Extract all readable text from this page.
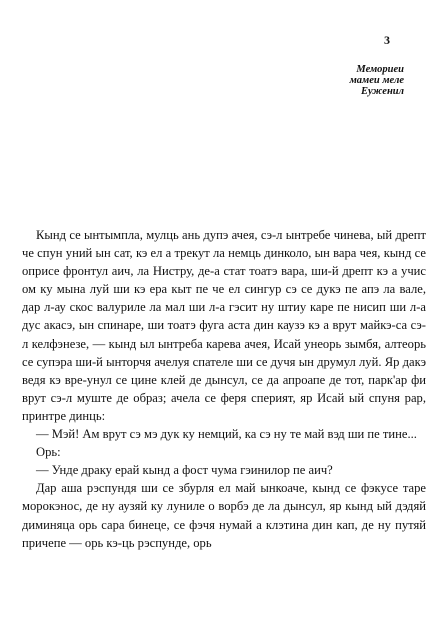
3
Мемориеи
мамеи меле
Eуженил

Кынд се ынтымпла, мулць ань дупэ ачея, сэ-л ынтребе чинева, ый дрепт че спун уний ын сат, кэ ел а трекут ла немць динколо, ын вара чея, кынд се оприсе фронтул аич, ла Нистру, де-а стат тоатэ вара, ши-й дрепт кэ а учис ом ку мына луй ши кэ ера кыт пе че ел сингур сэ се дукэ пе апэ ла вале, дар л-ау скос валуриле ла мал ши л-а гэсит ну штиу каре пе нисип ши л-а дус акасэ, ын спинаре, ши тоатэ фуга аста дин каузэ кэ а врут майкэ-са сэ-л келфэнезе, — кынд ыл ынтреба карева ачея, Исай унеорь зымбя, алтеорь се супэра ши-й ынторчя ачелуя спателе ши се дучя ын друмул луй. Яр дакэ ведя кэ вре-унул се цине клей де дынсул, се да апроапе де тот, парк'ар фи врут сэ-л муште де образ; ачела се феря сперият, яр Исай ый спуня рар, принтре динць:

— Мэй! Ам врут сэ мэ дук ку немций, ка сэ ну те май вэд ши пе тине...

Орь:

— Унде драку ерай кынд а фост чума гэинилор пе аич?

Дар аша рэспундя ши се збурля ел май ынкоаче, кынд се фэкусе таре морокэнос, де ну аузяй ку луниле о ворбэ де ла дынсул, яр кынд ый дэдяй диминяца орь сара бинеце, се фэчя нумай а клэтина дин кап, де ну путяй причепе — орь кэ-ць рэспунде, орь
